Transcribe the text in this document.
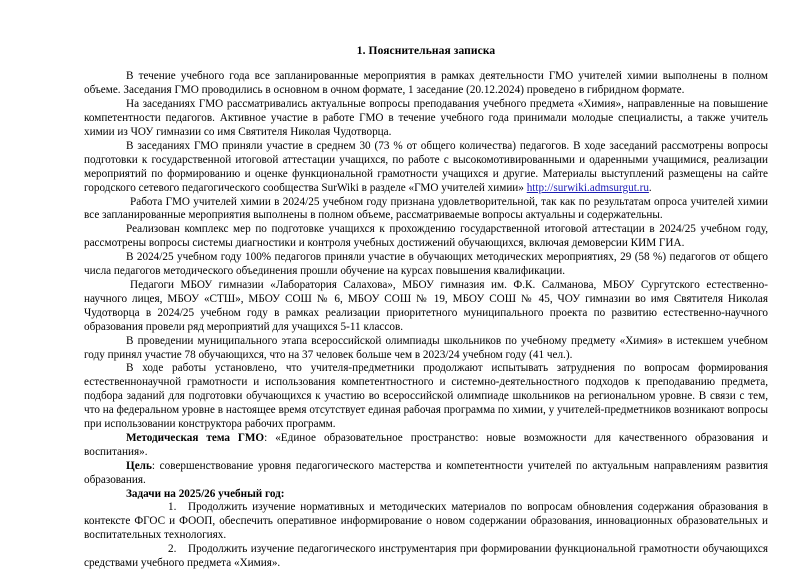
1. Пояснительная записка

В течение учебного года все запланированные мероприятия в рамках деятельности ГМО учителей химии выполнены в полном объеме. Заседания ГМО проводились в основном в очном формате, 1 заседание (20.12.2024) проведено в гибридном формате.

На заседаниях ГМО рассматривались актуальные вопросы преподавания учебного предмета «Химия», направленные на повышение компетентности педагогов. Активное участие в работе ГМО в течение учебного года принимали молодые специалисты, а также учитель химии из ЧОУ гимназии со имя Святителя Николая Чудотворца.

В заседаниях ГМО приняли участие в среднем 30 (73 % от общего количества) педагогов. В ходе заседаний рассмотрены вопросы подготовки к государственной итоговой аттестации учащихся, по работе с высокомотивированными и одаренными учащимися, реализации мероприятий по формированию и оценке функциональной грамотности учащихся и другие. Материалы выступлений размещены на сайте городского сетевого педагогического сообщества SurWiki в разделе «ГМО учителей химии» http://surwiki.admsurgut.ru.

Работа ГМО учителей химии в 2024/25 учебном году признана удовлетворительной, так как по результатам опроса учителей химии все запланированные мероприятия выполнены в полном объеме, рассматриваемые вопросы актуальны и содержательны.

Реализован комплекс мер по подготовке учащихся к прохождению государственной итоговой аттестации в 2024/25 учебном году, рассмотрены вопросы системы диагностики и контроля учебных достижений обучающихся, включая демоверсии КИМ ГИА.

В 2024/25 учебном году 100% педагогов приняли участие в обучающих методических мероприятиях, 29 (58 %) педагогов от общего числа педагогов методического объединения прошли обучение на курсах повышения квалификации.

Педагоги МБОУ гимназии «Лаборатория Салахова», МБОУ гимназия им. Ф.К. Салманова, МБОУ Сургутского естественно- научного лицея, МБОУ «СТШ», МБОУ СОШ № 6, МБОУ СОШ № 19, МБОУ СОШ № 45, ЧОУ гимназии во имя Святителя Николая Чудотворца в 2024/25 учебном году в рамках реализации приоритетного муниципального проекта по развитию естественно-научного образования провели ряд мероприятий для учащихся 5-11 классов.

В проведении муниципального этапа всероссийской олимпиады школьников по учебному предмету «Химия» в истекшем учебном году принял участие 78 обучающихся, что на 37 человек больше чем в 2023/24 учебном году (41 чел.).

В ходе работы установлено, что учителя-предметники продолжают испытывать затруднения по вопросам формирования естественнонаучной грамотности и использования компетентностного и системно-деятельностного подходов к преподаванию предмета, подбора заданий для подготовки обучающихся к участию во всероссийской олимпиаде школьников на региональном уровне. В связи с тем, что на федеральном уровне в настоящее время отсутствует единая рабочая программа по химии, у учителей-предметников возникают вопросы при использовании конструктора рабочих программ.

Методическая тема ГМО: «Единое образовательное пространство: новые возможности для качественного образования и воспитания».

Цель: совершенствование уровня педагогического мастерства и компетентности учителей по актуальным направлениям развития образования.

Задачи на 2025/26 учебный год:

1. Продолжить изучение нормативных и методических материалов по вопросам обновления содержания образования в контексте ФГОС и ФООП, обеспечить оперативное информирование о новом содержании образования, инновационных образовательных и воспитательных технологиях.

2. Продолжить изучение педагогического инструментария при формировании функциональной грамотности обучающихся средствами учебного предмета «Химия».
